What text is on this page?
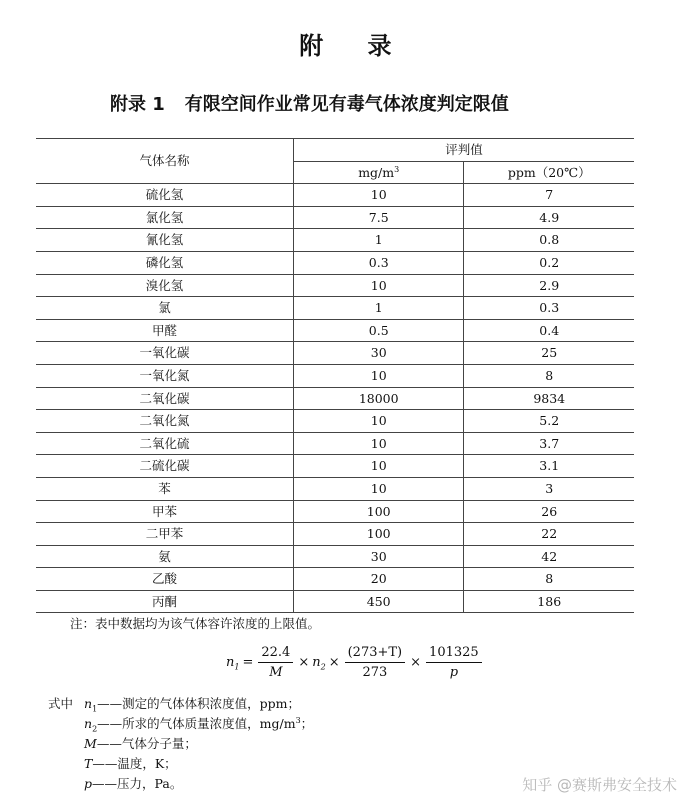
附 录
附录 1 有限空间作业常见有毒气体浓度判定限值
气体名称	评判值	
	$mg/m^3$	ppm（20℃）
硫化氢	10	7
氯化氢	7.5	4.9
氰化氢	1	0.8
磷化氢	0.3	0.2
溴化氢	10	2.9
氯	1	0.3
甲醛	0.5	0.4
一氧化碳	30	25
一氧化氮	10	8
二氧化碳	18000	9834
二氧化氮	10	5.2
二氧化硫	10	3.7
二硫化碳	10	3.1
苯	10	3
甲苯	100	26
二甲苯	100	22
氨	30	42
乙酸	20	8
丙酮	450	186
注：表中数据均为该气体容许浓度的上限值。
$n_1 = \frac{22.4}{M} \times n_2 \times \frac{(273+T)}{273} \times \frac{101325}{p}$
式中 $n_1——$测定的气体体积浓度值，ppm；
$n_2——$所求的气体质量浓度值，$mg/m^3$；
M——气体分子量；
T——温度，K；
p——压力，Pa。	知乎 @赛斯弗安全技术
